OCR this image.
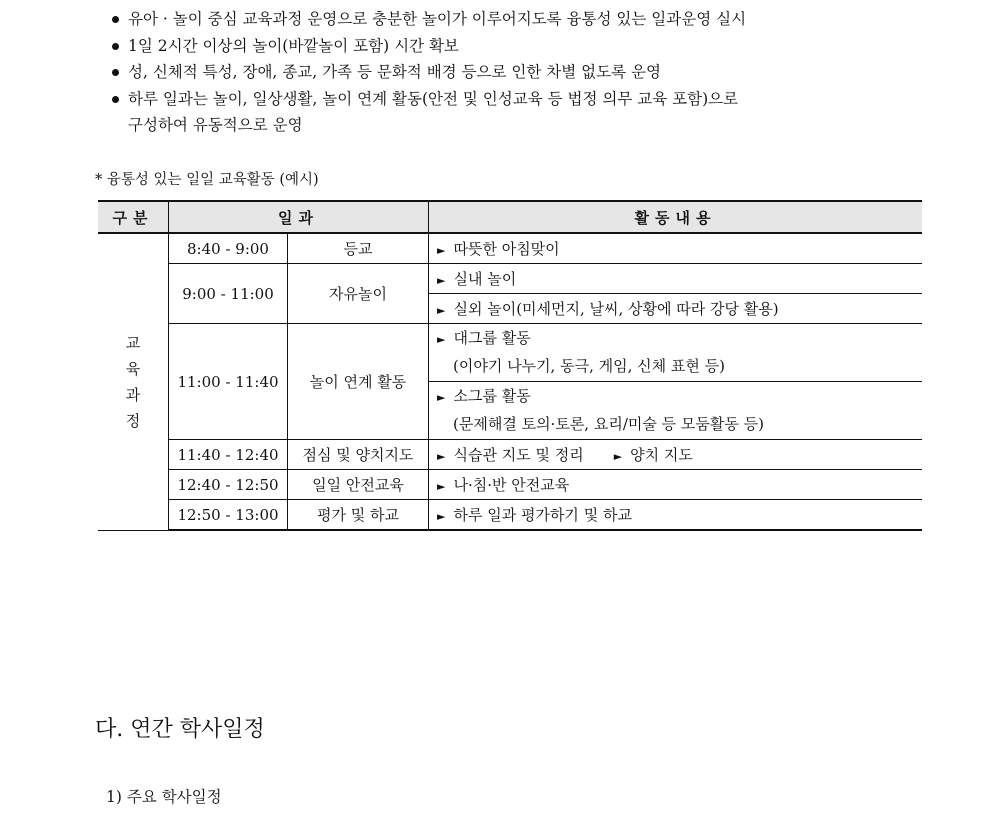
유아 · 놀이 중심 교육과정 운영으로 충분한 놀이가 이루어지도록 융통성 있는 일과운영 실시
1일 2시간 이상의 놀이(바깥놀이 포함) 시간 확보
성, 신체적 특성, 장애, 종교, 가족 등 문화적 배경 등으로 인한 차별 없도록 운영
하루 일과는 놀이, 일상생활, 놀이 연계 활동(안전 및 인성교육 등 법정 의무 교육 포함)으로
구성하여 유동적으로 운영
* 융통성 있는 일일 교육활동 (예시)
구분	일과		활동내용
교
육
과
정	8:40 - 9:00	등교	► 따뜻한 아침맞이
	9:00 - 11:00	자유놀이	► 실내 놀이
			► 실외 놀이(미세먼지, 날씨, 상황에 따라 강당 활용)
	11:00 - 11:40	놀이 연계 활동	► 대그룹 활동
(이야기 나누기, 동극, 게임, 신체 표현 등)

			► 소그룹 활동
(문제해결 토의·토론, 요리/미술 등 모둠활동 등)

	11:40 - 12:40	점심 및 양치지도	► 식습관 지도 및 정리 ► 양치 지도
	12:40 - 12:50	일일 안전교육	► 나·침·반 안전교육
	12:50 - 13:00	평가 및 하교	► 하루 일과 평가하기 및 하교
다. 연간 학사일정
1) 주요 학사일정
